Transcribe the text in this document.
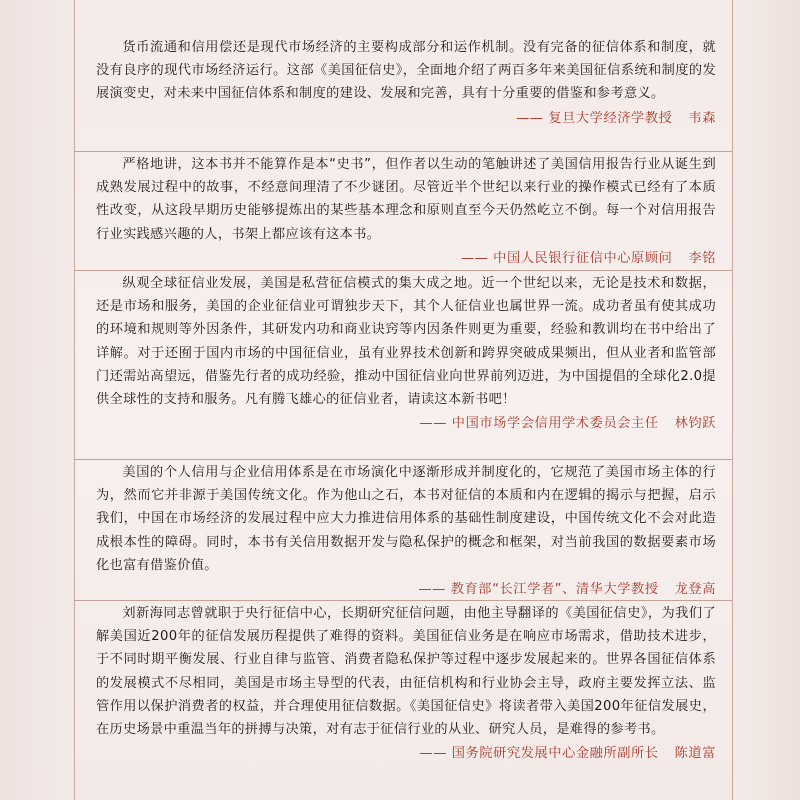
货币流通和信用偿还是现代市场经济的主要构成部分和运作机制。没有完备的征信体系和制度，就没有良序的现代市场经济运行。这部《美国征信史》，全面地介绍了两百多年来美国征信系统和制度的发展演变史，对未来中国征信体系和制度的建设、发展和完善，具有十分重要的借鉴和参考意义。

—— 复旦大学经济学教授 韦森

严格地讲，这本书并不能算作是本“史书”，但作者以生动的笔触讲述了美国信用报告行业从诞生到成熟发展过程中的故事，不经意间理清了不少谜团。尽管近半个世纪以来行业的操作模式已经有了本质性改变，从这段早期历史能够提炼出的某些基本理念和原则直至今天仍然屹立不倒。每一个对信用报告行业实践感兴趣的人，书架上都应该有这本书。

—— 中国人民银行征信中心原顾问 李铭

纵观全球征信业发展，美国是私营征信模式的集大成之地。近一个世纪以来，无论是技术和数据，还是市场和服务，美国的企业征信业可谓独步天下，其个人征信业也属世界一流。成功者虽有使其成功的环境和规则等外因条件，其研发内功和商业诀窍等内因条件则更为重要，经验和教训均在书中给出了详解。对于还囿于国内市场的中国征信业，虽有业界技术创新和跨界突破成果频出，但从业者和监管部门还需站高望远，借鉴先行者的成功经验，推动中国征信业向世界前列迈进，为中国提倡的全球化2.0提供全球性的支持和服务。凡有腾飞雄心的征信业者，请读这本新书吧！

—— 中国市场学会信用学术委员会主任 林钧跃

美国的个人信用与企业信用体系是在市场演化中逐渐形成并制度化的，它规范了美国市场主体的行为，然而它并非源于美国传统文化。作为他山之石，本书对征信的本质和内在逻辑的揭示与把握，启示我们，中国在市场经济的发展过程中应大力推进信用体系的基础性制度建设，中国传统文化不会对此造成根本性的障碍。同时，本书有关信用数据开发与隐私保护的概念和框架，对当前我国的数据要素市场化也富有借鉴价值。

—— 教育部“长江学者”、清华大学教授 龙登高

刘新海同志曾就职于央行征信中心，长期研究征信问题，由他主导翻译的《美国征信史》，为我们了解美国近200年的征信发展历程提供了难得的资料。美国征信业务是在响应市场需求，借助技术进步，于不同时期平衡发展、行业自律与监管、消费者隐私保护等过程中逐步发展起来的。世界各国征信体系的发展模式不尽相同，美国是市场主导型的代表，由征信机构和行业协会主导，政府主要发挥立法、监管作用以保护消费者的权益，并合理使用征信数据。《美国征信史》将读者带入美国200年征信发展史，在历史场景中重温当年的拼搏与决策，对有志于征信行业的从业、研究人员，是难得的参考书。

—— 国务院研究发展中心金融所副所长 陈道富
